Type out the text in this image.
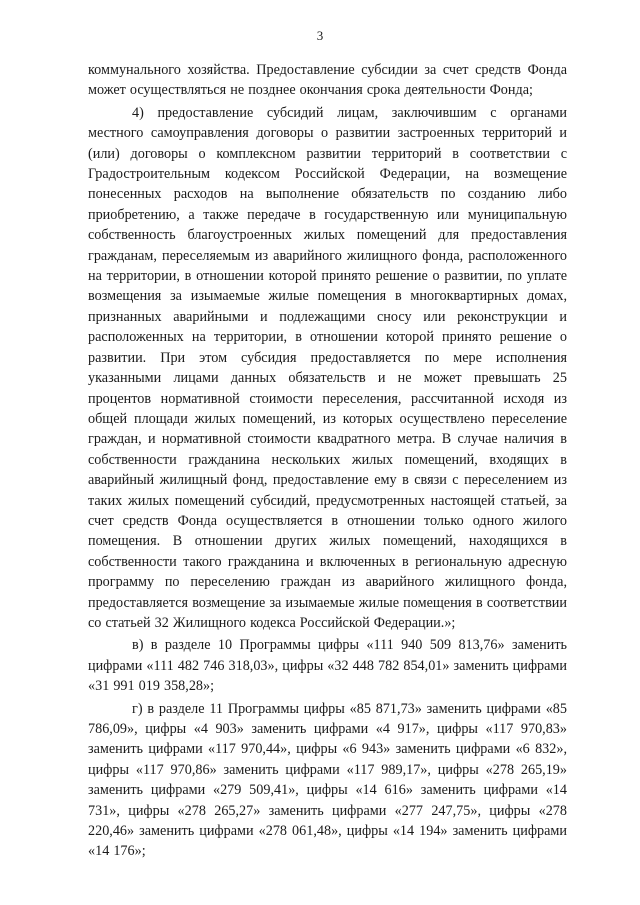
3

коммунального хозяйства. Предоставление субсидии за счет средств Фонда может осуществляться не позднее окончания срока деятельности Фонда;

4) предоставление субсидий лицам, заключившим с органами местного самоуправления договоры о развитии застроенных территорий и (или) договоры о комплексном развитии территорий в соответствии с Градостроительным кодексом Российской Федерации, на возмещение понесенных расходов на выполнение обязательств по созданию либо приобретению, а также передаче в государственную или муниципальную собственность благоустроенных жилых помещений для предоставления гражданам, переселяемым из аварийного жилищного фонда, расположенного на территории, в отношении которой принято решение о развитии, по уплате возмещения за изымаемые жилые помещения в многоквартирных домах, признанных аварийными и подлежащими сносу или реконструкции и расположенных на территории, в отношении которой принято решение о развитии. При этом субсидия предоставляется по мере исполнения указанными лицами данных обязательств и не может превышать 25 процентов нормативной стоимости переселения, рассчитанной исходя из общей площади жилых помещений, из которых осуществлено переселение граждан, и нормативной стоимости квадратного метра. В случае наличия в собственности гражданина нескольких жилых помещений, входящих в аварийный жилищный фонд, предоставление ему в связи с переселением из таких жилых помещений субсидий, предусмотренных настоящей статьей, за счет средств Фонда осуществляется в отношении только одного жилого помещения. В отношении других жилых помещений, находящихся в собственности такого гражданина и включенных в региональную адресную программу по переселению граждан из аварийного жилищного фонда, предоставляется возмещение за изымаемые жилые помещения в соответствии со статьей 32 Жилищного кодекса Российской Федерации.»;

в) в разделе 10 Программы цифры «111 940 509 813,76» заменить цифрами «111 482 746 318,03», цифры «32 448 782 854,01» заменить цифрами «31 991 019 358,28»;

г) в разделе 11 Программы цифры «85 871,73» заменить цифрами «85 786,09», цифры «4 903» заменить цифрами «4 917», цифры «117 970,83» заменить цифрами «117 970,44», цифры «6 943» заменить цифрами «6 832», цифры «117 970,86» заменить цифрами «117 989,17», цифры «278 265,19» заменить цифрами «279 509,41», цифры «14 616» заменить цифрами «14 731», цифры «278 265,27» заменить цифрами «277 247,75», цифры «278 220,46» заменить цифрами «278 061,48», цифры «14 194» заменить цифрами «14 176»;
